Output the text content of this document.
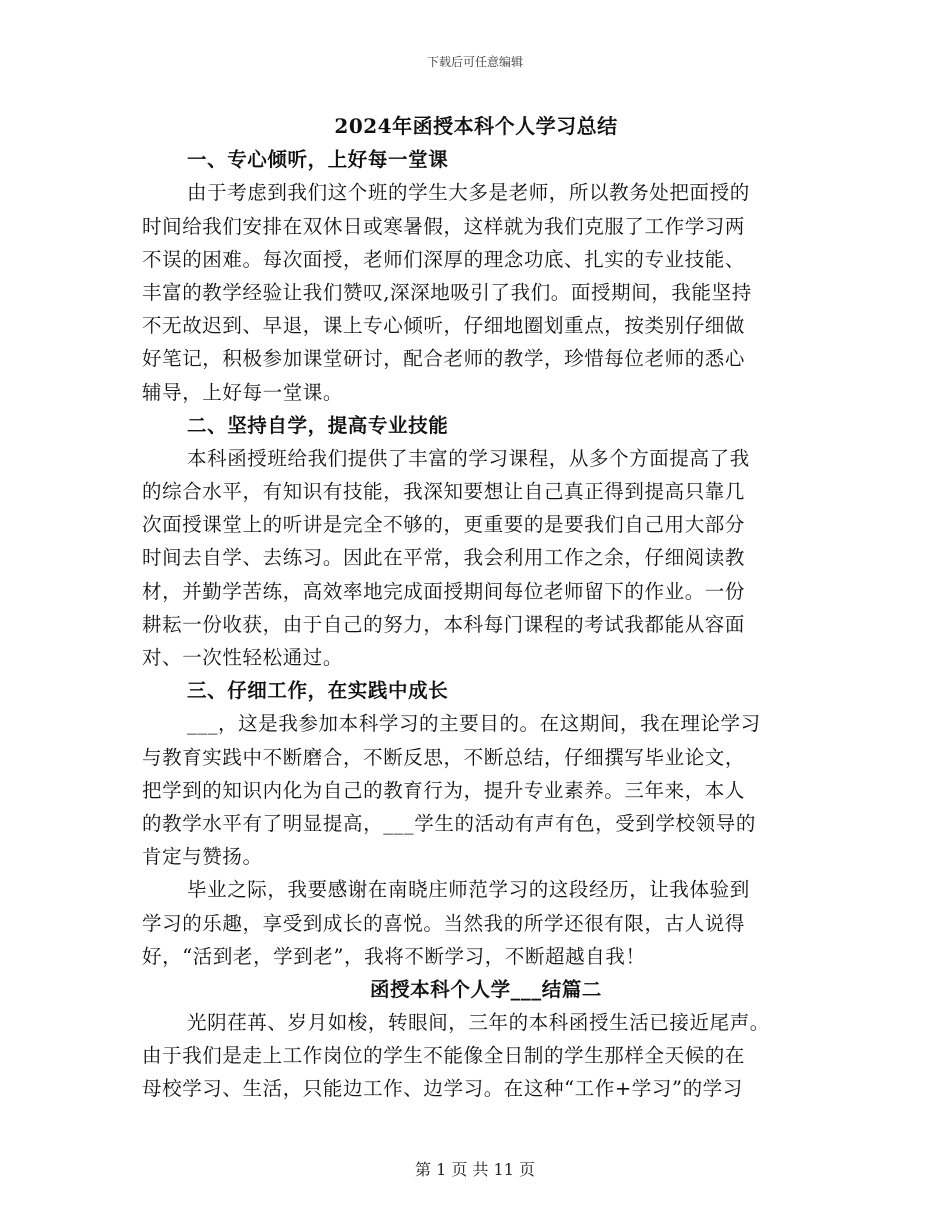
下载后可任意编辑
2024年函授本科个人学习总结
一、专心倾听，上好每一堂课
由于考虑到我们这个班的学生大多是老师，所以教务处把面授的
时间给我们安排在双休日或寒暑假，这样就为我们克服了工作学习两
不误的困难。每次面授，老师们深厚的理念功底、扎实的专业技能、
丰富的教学经验让我们赞叹,深深地吸引了我们。面授期间，我能坚持
不无故迟到、早退，课上专心倾听，仔细地圈划重点，按类别仔细做
好笔记，积极参加课堂研讨，配合老师的教学，珍惜每位老师的悉心
辅导，上好每一堂课。
二、坚持自学，提高专业技能
本科函授班给我们提供了丰富的学习课程，从多个方面提高了我
的综合水平，有知识有技能，我深知要想让自己真正得到提高只靠几
次面授课堂上的听讲是完全不够的，更重要的是要我们自己用大部分
时间去自学、去练习。因此在平常，我会利用工作之余，仔细阅读教
材，并勤学苦练，高效率地完成面授期间每位老师留下的作业。一份
耕耘一份收获，由于自己的努力，本科每门课程的考试我都能从容面
对、一次性轻松通过。
三、仔细工作，在实践中成长
___，这是我参加本科学习的主要目的。在这期间，我在理论学习
与教育实践中不断磨合，不断反思，不断总结，仔细撰写毕业论文，
把学到的知识内化为自己的教育行为，提升专业素养。三年来，本人
的教学水平有了明显提高，___学生的活动有声有色，受到学校领导的
肯定与赞扬。
毕业之际，我要感谢在南晓庄师范学习的这段经历，让我体验到
学习的乐趣，享受到成长的喜悦。当然我的所学还很有限，古人说得
好，“活到老，学到老”，我将不断学习，不断超越自我！
函授本科个人学___结篇二
光阴荏苒、岁月如梭，转眼间，三年的本科函授生活已接近尾声。
由于我们是走上工作岗位的学生不能像全日制的学生那样全天候的在
母校学习、生活，只能边工作、边学习。在这种“工作+学习”的学习
第 1 页 共 11 页
